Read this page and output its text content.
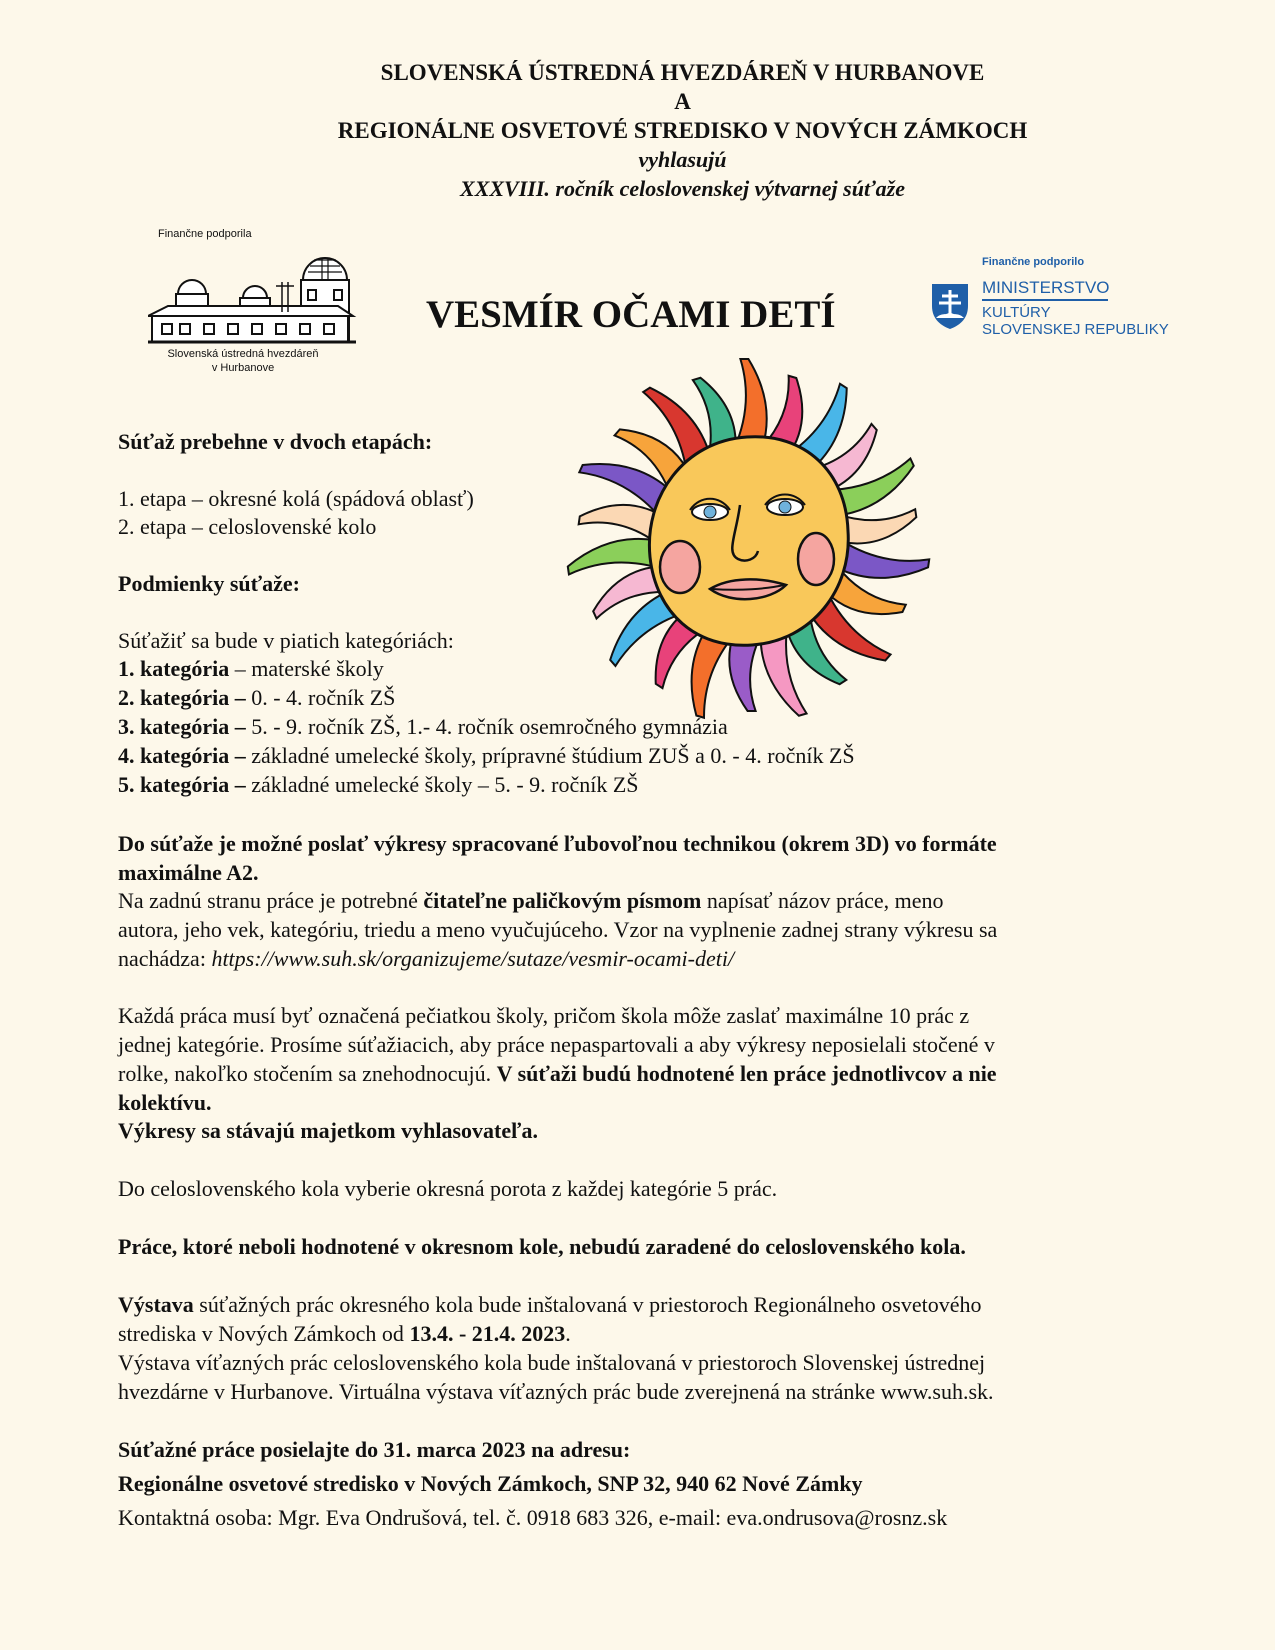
SLOVENSKÁ ÚSTREDNÁ HVEZDÁREŇ V HURBANOVE
A
REGIONÁLNE OSVETOVÉ STREDISKO V NOVÝCH ZÁMKOCH
vyhlasujú
XXXVIII. ročník celoslovenskej výtvarnej súťaže
Finančne podporila
Slovenská ústredná hvezdáreň
v Hurbanove
Finančne podporilo
MINISTERSTVO
KULTÚRY
SLOVENSKEJ REPUBLIKY
VESMÍR OČAMI DETÍ
Súťaž prebehne v dvoch etapách:
1. etapa – okresné kolá (spádová oblasť)
2. etapa – celoslovenské kolo
Podmienky súťaže:
Súťažiť sa bude v piatich kategóriách:
1. kategória – materské školy
2. kategória – 0. - 4. ročník ZŠ
3. kategória – 5. - 9. ročník ZŠ, 1.- 4. ročník osemročného gymnázia
4. kategória – základné umelecké školy, prípravné štúdium ZUŠ a 0. - 4. ročník ZŠ
5. kategória – základné umelecké školy – 5. - 9. ročník ZŠ
Do súťaže je možné poslať výkresy spracované ľubovoľnou technikou (okrem 3D) vo formáte
maximálne A2.
Na zadnú stranu práce je potrebné čitateľne paličkovým písmom napísať názov práce, meno
autora, jeho vek, kategóriu, triedu a meno vyučujúceho. Vzor na vyplnenie zadnej strany výkresu sa
nachádza: https://www.suh.sk/organizujeme/sutaze/vesmir-ocami-deti/
Každá práca musí byť označená pečiatkou školy, pričom škola môže zaslať maximálne 10 prác z
jednej kategórie. Prosíme súťažiacich, aby práce nepaspartovali a aby výkresy neposielali stočené v
rolke, nakoľko stočením sa znehodnocujú. V súťaži budú hodnotené len práce jednotlivcov a nie
kolektívu.
Výkresy sa stávajú majetkom vyhlasovateľa.
Do celoslovenského kola vyberie okresná porota z každej kategórie 5 prác.
Práce, ktoré neboli hodnotené v okresnom kole, nebudú zaradené do celoslovenského kola.
Výstava súťažných prác okresného kola bude inštalovaná v priestoroch Regionálneho osvetového
strediska v Nových Zámkoch od 13.4. - 21.4. 2023.
Výstava víťazných prác celoslovenského kola bude inštalovaná v priestoroch Slovenskej ústrednej
hvezdárne v Hurbanove. Virtuálna výstava víťazných prác bude zverejnená na stránke www.suh.sk.
Súťažné práce posielajte do 31. marca 2023 na adresu:
Regionálne osvetové stredisko v Nových Zámkoch, SNP 32, 940 62 Nové Zámky
Kontaktná osoba: Mgr. Eva Ondrušová, tel. č. 0918 683 326, e-mail: eva.ondrusova@rosnz.sk
